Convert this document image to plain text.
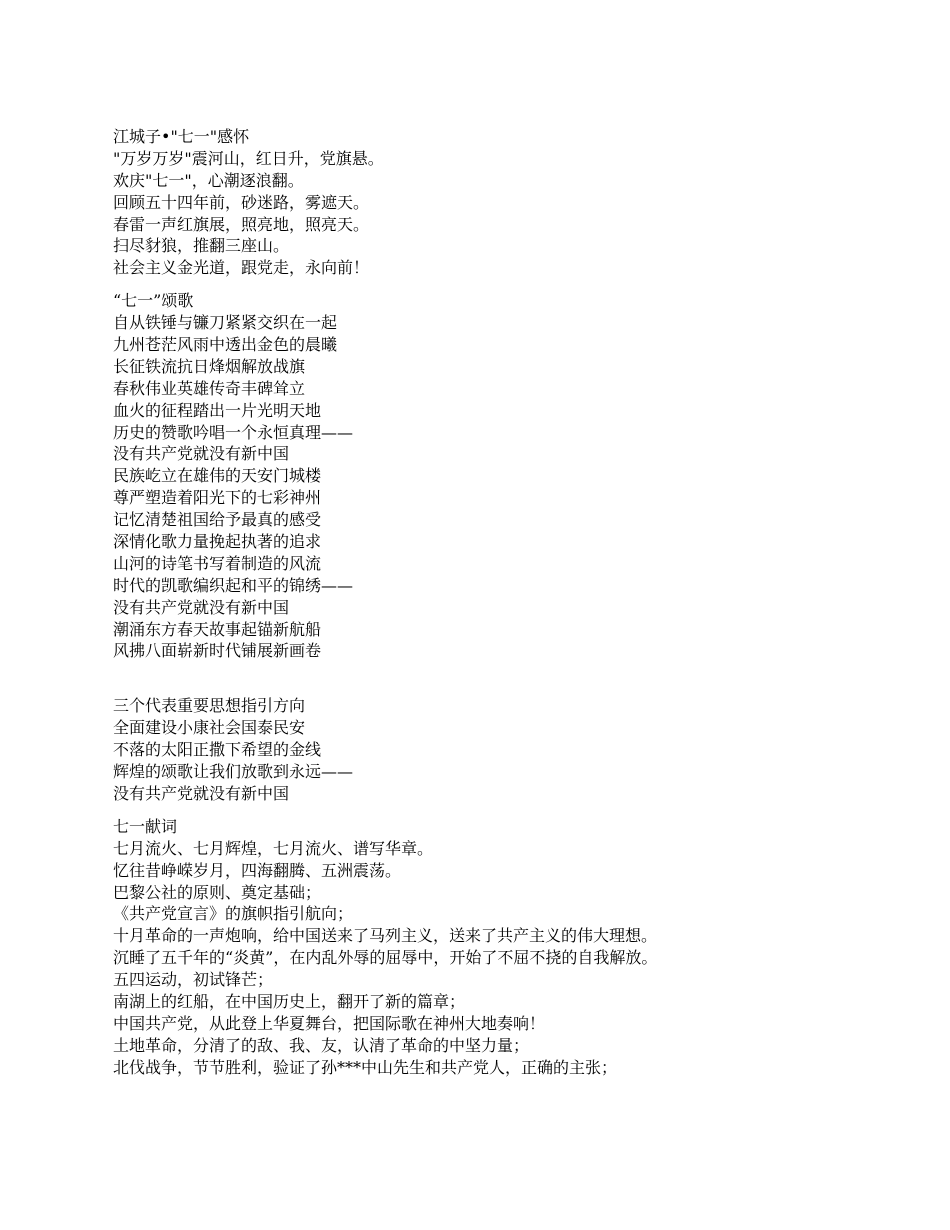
江城子•"七一"感怀
"万岁万岁"震河山，红日升，党旗悬。
欢庆"七一"，心潮逐浪翻。
回顾五十四年前，砂迷路，雾遮天。
春雷一声红旗展，照亮地，照亮天。
扫尽豺狼，推翻三座山。
社会主义金光道，跟党走，永向前！
“七一”颂歌
自从铁锤与镰刀紧紧交织在一起
九州苍茫风雨中透出金色的晨曦
长征铁流抗日烽烟解放战旗
春秋伟业英雄传奇丰碑耸立
血火的征程踏出一片光明天地
历史的赞歌吟唱一个永恒真理——
没有共产党就没有新中国
民族屹立在雄伟的天安门城楼
尊严塑造着阳光下的七彩神州
记忆清楚祖国给予最真的感受
深情化歌力量挽起执著的追求
山河的诗笔书写着制造的风流
时代的凯歌编织起和平的锦绣——
没有共产党就没有新中国
潮涌东方春天故事起锚新航船
风拂八面崭新时代铺展新画卷
三个代表重要思想指引方向
全面建设小康社会国泰民安
不落的太阳正撒下希望的金线
辉煌的颂歌让我们放歌到永远——
没有共产党就没有新中国
七一献词
七月流火、七月辉煌，七月流火、谱写华章。
忆往昔峥嵘岁月，四海翻腾、五洲震荡。
巴黎公社的原则、奠定基础；
《共产党宣言》的旗帜指引航向；
十月革命的一声炮响，给中国送来了马列主义，送来了共产主义的伟大理想。
沉睡了五千年的“炎黄”，在内乱外辱的屈辱中，开始了不屈不挠的自我解放。
五四运动，初试锋芒；
南湖上的红船，在中国历史上，翻开了新的篇章；
中国共产党，从此登上华夏舞台，把国际歌在神州大地奏响！
土地革命，分清了的敌、我、友，认清了革命的中坚力量；
北伐战争，节节胜利，验证了孙***中山先生和共产党人，正确的主张；
